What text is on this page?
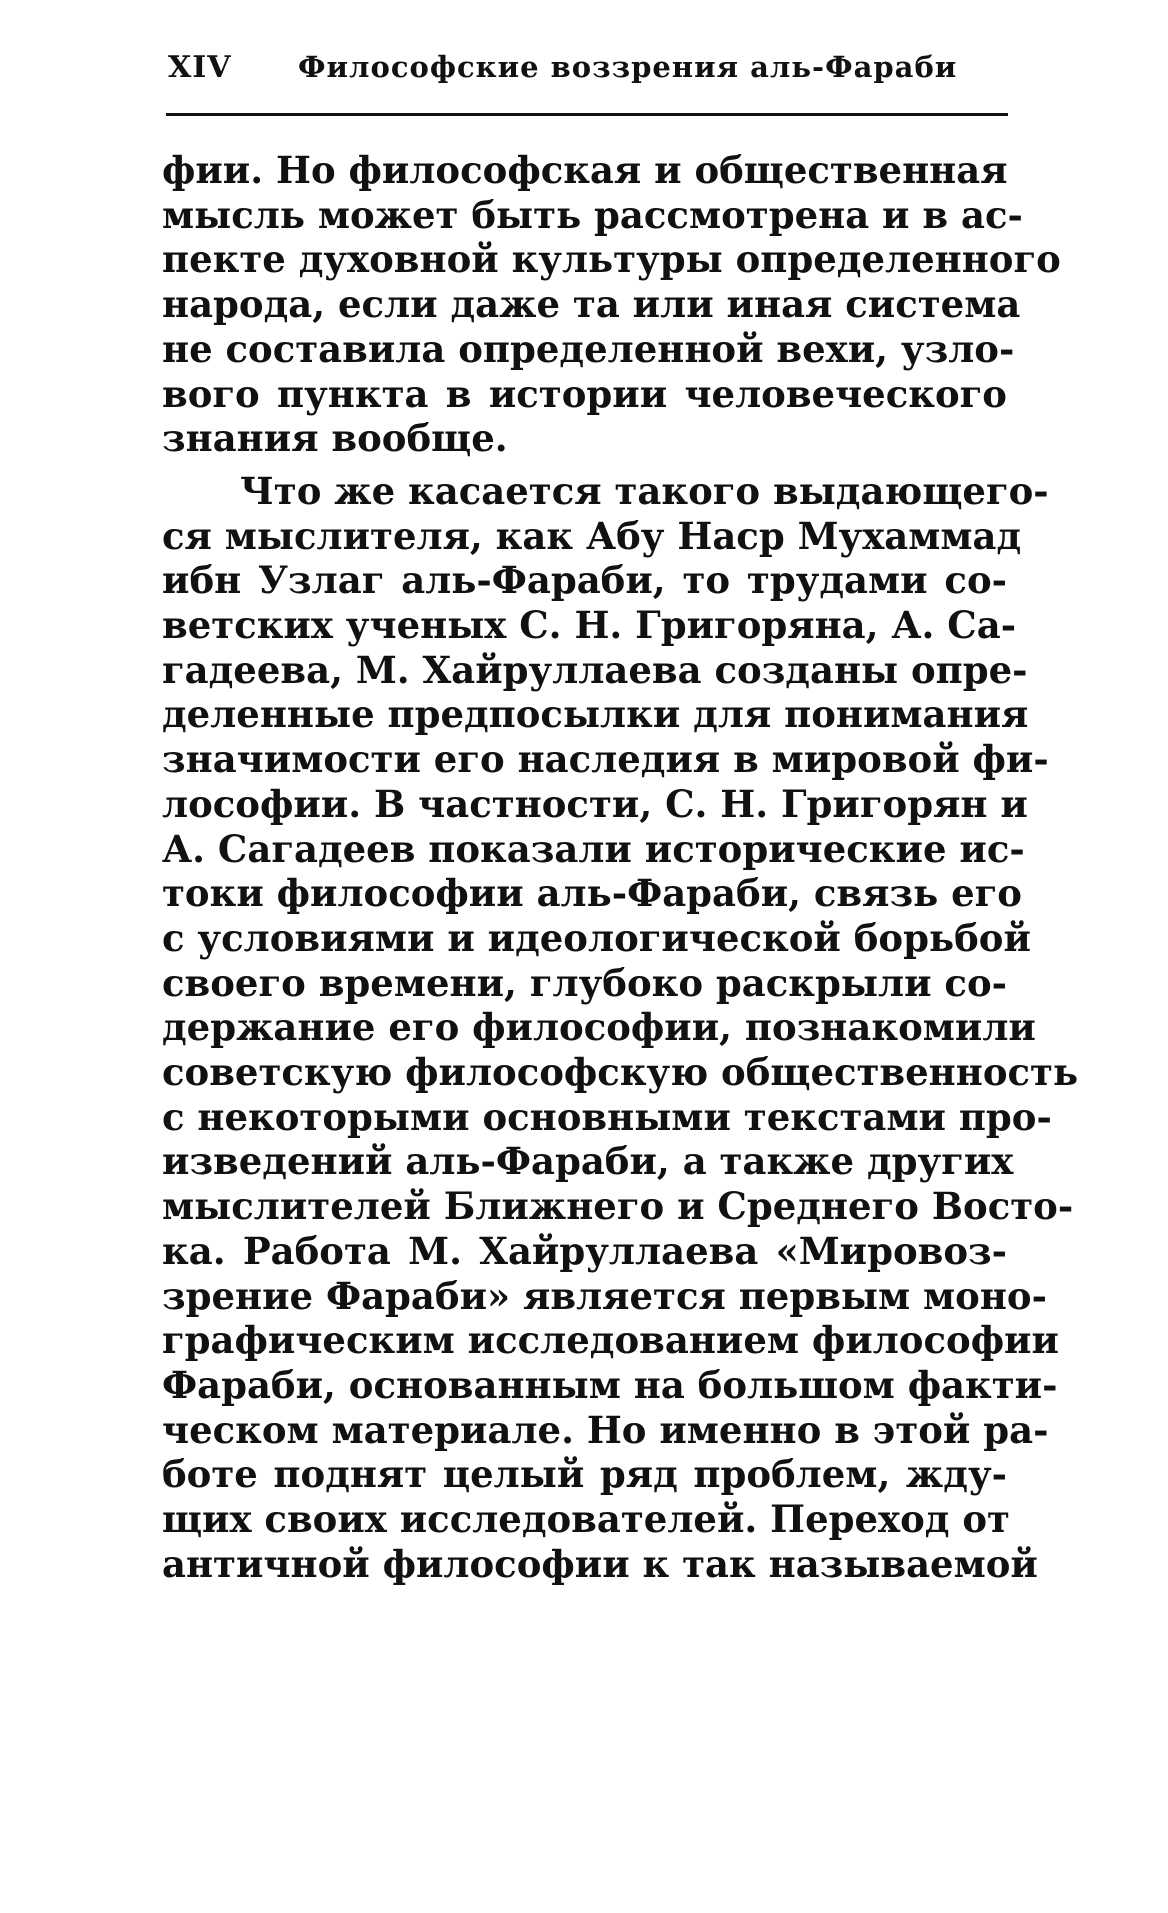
XIV Философские воззрения аль-Фараби
фии. Но философская и общественная
мысль может быть рассмотрена и в ас-
пекте духовной культуры определенного
народа, если даже та или иная система
не составила определенной вехи, узло-
вого пункта в истории человеческого
знания вообще.
Что же касается такого выдающего-
ся мыслителя, как Абу Наср Мухаммад
ибн Узлаг аль-Фараби, то трудами со-
ветских ученых С. Н. Григоряна, А. Са-
гадеева, М. Хайруллаева созданы опре-
деленные предпосылки для понимания
значимости его наследия в мировой фи-
лософии. В частности, С. Н. Григорян и
А. Сагадеев показали исторические ис-
токи философии аль-Фараби, связь его
с условиями и идеологической борьбой
своего времени, глубоко раскрыли со-
держание его философии, познакомили
советскую философскую общественность
с некоторыми основными текстами про-
изведений аль-Фараби, а также других
мыслителей Ближнего и Среднего Восто-
ка. Работа М. Хайруллаева «Мировоз-
зрение Фараби» является первым моно-
графическим исследованием философии
Фараби, основанным на большом факти-
ческом материале. Но именно в этой ра-
боте поднят целый ряд проблем, жду-
щих своих исследователей. Переход от
античной философии к так называемой
